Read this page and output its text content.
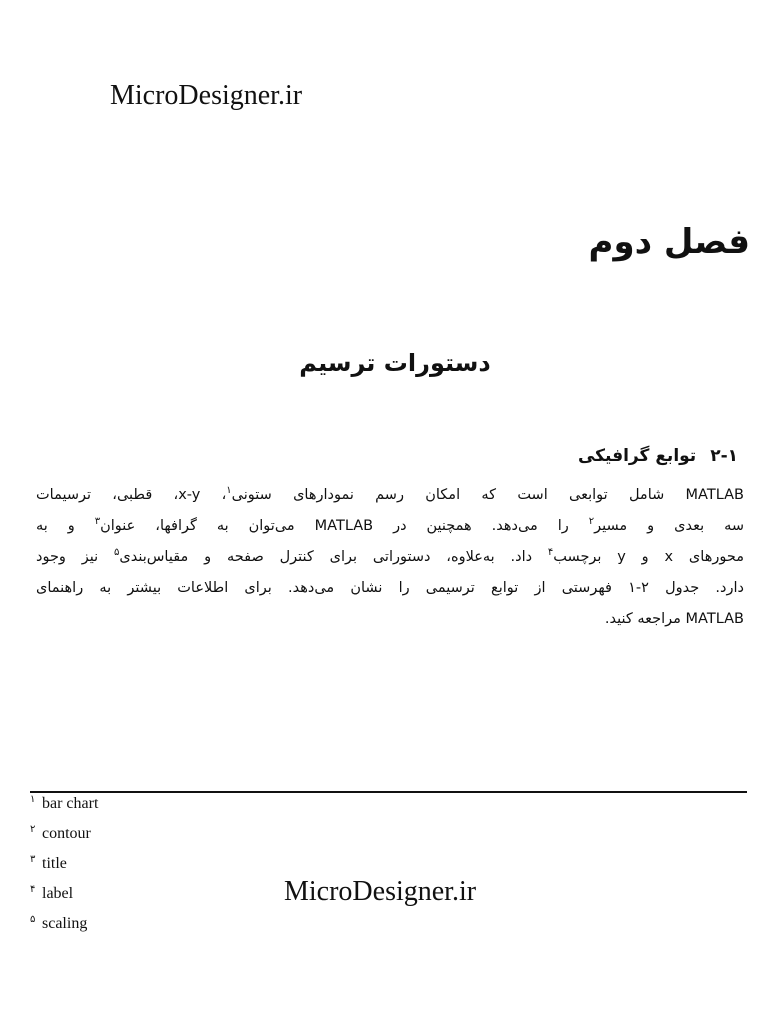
MicroDesigner.ir
فصل دوم
دستورات ترسیم
۲-۱توابع گرافیکی
MATLAB شامل توابعی است که امکان رسم نمودارهای ستونی$^۱$، x-y، قطبی، ترسیمات
سه بعدی و مسیر$^۲$ را می‌دهد. همچنین در MATLAB می‌توان به گرافها، عنوان$^۳$ و به
محورهای x و y برچسب$^۴$ داد. به‌علاوه، دستوراتی برای کنترل صفحه و مقیاس‌بندی$^۵$ نیز وجود
دارد. جدول ۲-۱ فهرستی از توابع ترسیمی را نشان می‌دهد. برای اطلاعات بیشتر به راهنمای
MATLAB مراجعه کنید.
۱ bar chart
۲ contour
۳ title
۴ label
۵ scaling
MicroDesigner.ir
